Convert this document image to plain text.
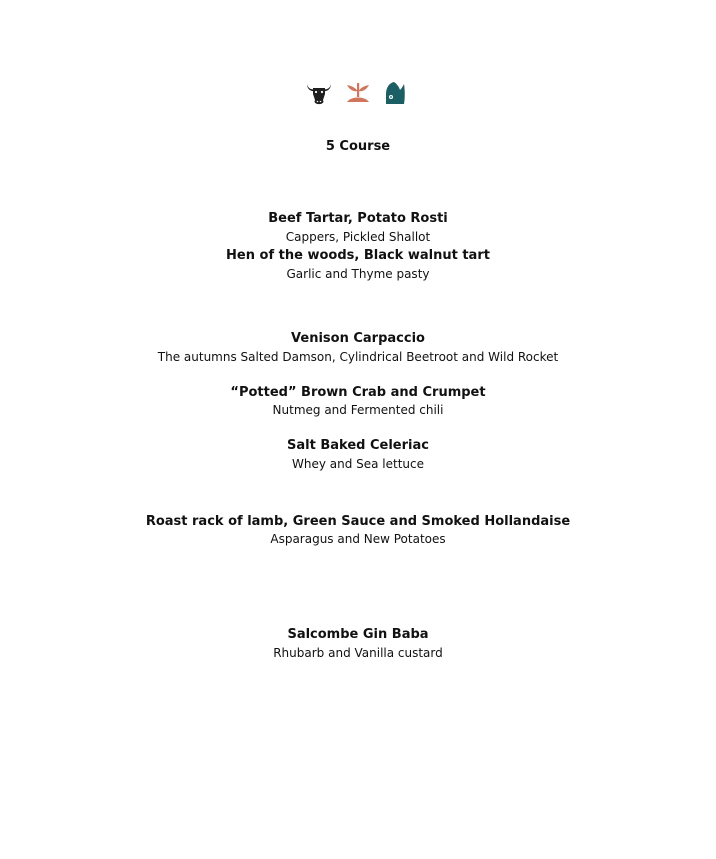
5 Course
Beef Tartar, Potato Rosti
Cappers, Pickled Shallot
Hen of the woods, Black walnut tart
Garlic and Thyme pasty
Venison Carpaccio
The autumns Salted Damson, Cylindrical Beetroot and Wild Rocket
“Potted” Brown Crab and Crumpet
Nutmeg and Fermented chili
Salt Baked Celeriac
Whey and Sea lettuce
Roast rack of lamb, Green Sauce and Smoked Hollandaise
Asparagus and New Potatoes
Salcombe Gin Baba
Rhubarb and Vanilla custard
